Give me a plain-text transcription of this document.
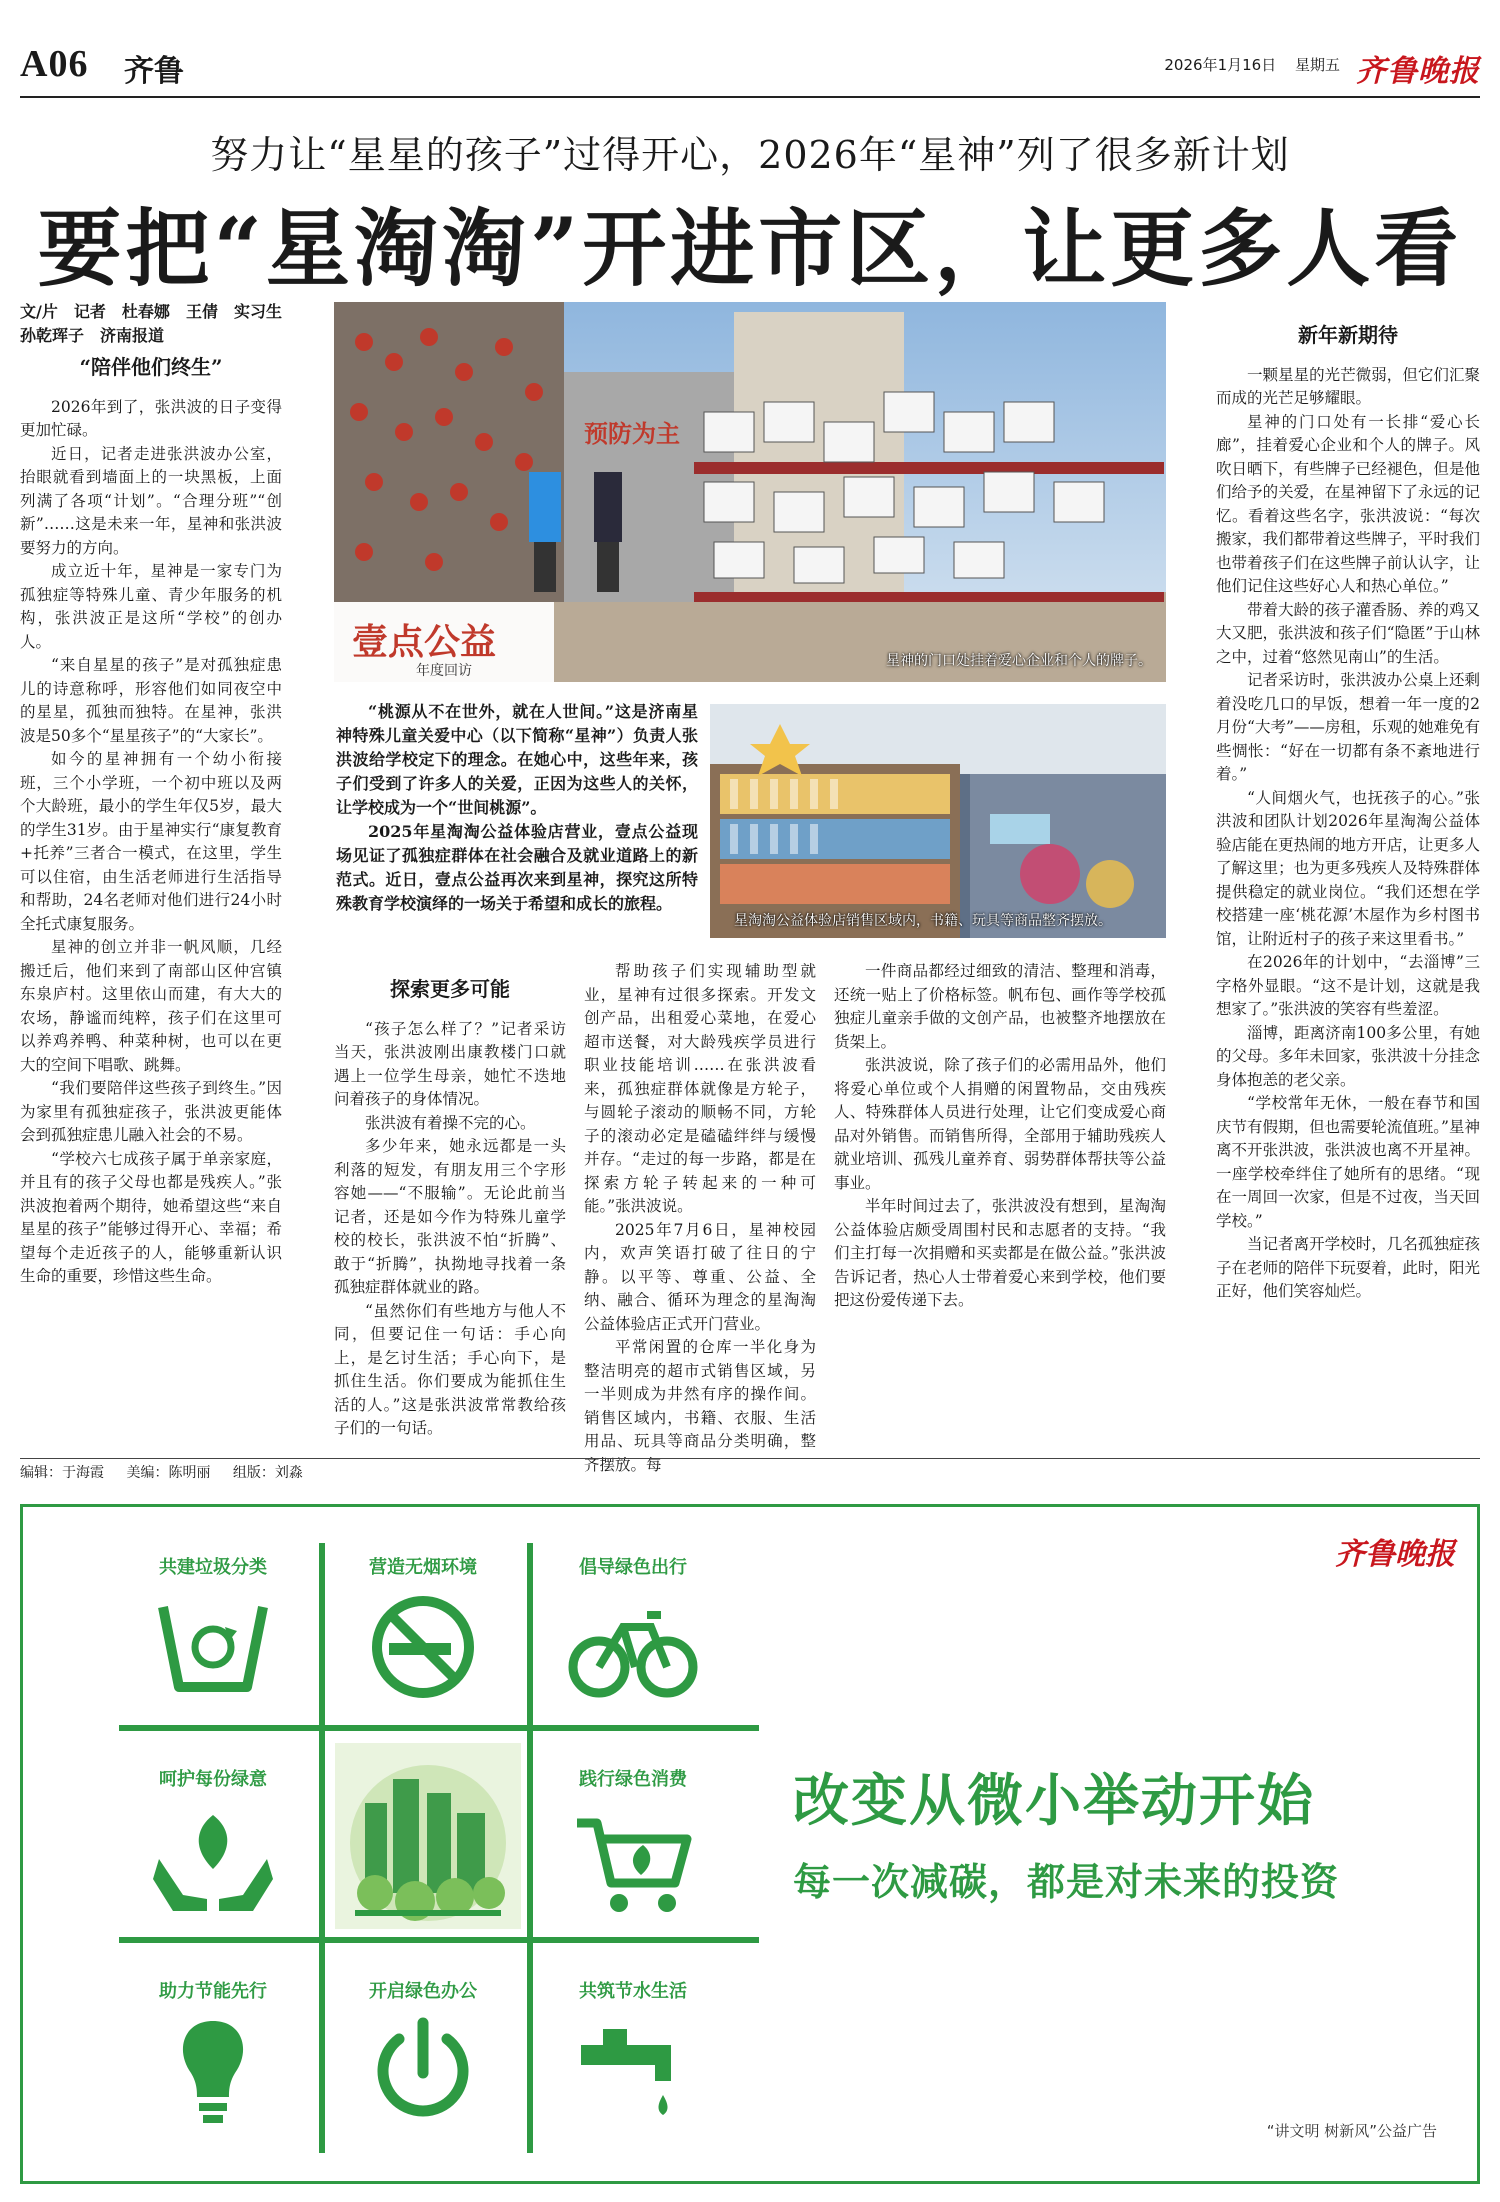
A06 齐鲁	2026年1月16日 星期五 齐鲁晚报
努力让“星星的孩子”过得开心，2026年“星神”列了很多新计划
要把“星淘淘”开进市区，让更多人看

文/片　记者　杜春娜　王倩　实习生　孙乾珲子　济南报道

“陪伴他们终生”

2026年到了，张洪波的日子变得更加忙碌。

近日，记者走进张洪波办公室，抬眼就看到墙面上的一块黑板，上面列满了各项“计划”。“合理分班”“创新”……这是未来一年，星神和张洪波要努力的方向。

成立近十年，星神是一家专门为孤独症等特殊儿童、青少年服务的机构，张洪波正是这所“学校”的创办人。

“来自星星的孩子”是对孤独症患儿的诗意称呼，形容他们如同夜空中的星星，孤独而独特。在星神，张洪波是50多个“星星孩子”的“大家长”。

如今的星神拥有一个幼小衔接班，三个小学班，一个初中班以及两个大龄班，最小的学生年仅5岁，最大的学生31岁。由于星神实行“康复教育+托养”三者合一模式，在这里，学生可以住宿，由生活老师进行生活指导和帮助，24名老师对他们进行24小时全托式康复服务。

星神的创立并非一帆风顺，几经搬迁后，他们来到了南部山区仲宫镇东泉庐村。这里依山而建，有大大的农场，静谧而纯粹，孩子们在这里可以养鸡养鸭、种菜种树，也可以在更大的空间下唱歌、跳舞。

“我们要陪伴这些孩子到终生。”因为家里有孤独症孩子，张洪波更能体会到孤独症患儿融入社会的不易。

“学校六七成孩子属于单亲家庭，并且有的孩子父母也都是残疾人。”张洪波抱着两个期待，她希望这些“来自星星的孩子”能够过得开心、幸福；希望每个走近孩子的人，能够重新认识生命的重要，珍惜这些生命。

预防为主
壹点公益
年度回访
星神的门口处挂着爱心企业和个人的牌子。

“桃源从不在世外，就在人世间。”这是济南星神特殊儿童关爱中心（以下简称“星神”）负责人张洪波给学校定下的理念。在她心中，这些年来，孩子们受到了许多人的关爱，正因为这些人的关怀，让学校成为一个“世间桃源”。

2025年星淘淘公益体验店营业，壹点公益现场见证了孤独症群体在社会融合及就业道路上的新范式。近日，壹点公益再次来到星神，探究这所特殊教育学校演绎的一场关于希望和成长的旅程。

星淘淘公益体验店销售区域内，书籍、玩具等商品整齐摆放。
探索更多可能

“孩子怎么样了？”记者采访当天，张洪波刚出康教楼门口就遇上一位学生母亲，她忙不迭地问着孩子的身体情况。

张洪波有着操不完的心。

多少年来，她永远都是一头利落的短发，有朋友用三个字形容她——“不服输”。无论此前当记者，还是如今作为特殊儿童学校的校长，张洪波不怕“折腾”、敢于“折腾”，执拗地寻找着一条孤独症群体就业的路。

“虽然你们有些地方与他人不同，但要记住一句话：手心向上，是乞讨生活；手心向下，是抓住生活。你们要成为能抓住生活的人。”这是张洪波常常教给孩子们的一句话。

帮助孩子们实现辅助型就业，星神有过很多探索。开发文创产品，出租爱心菜地，在爱心超市送餐，对大龄残疾学员进行职业技能培训……在张洪波看来，孤独症群体就像是方轮子，与圆轮子滚动的顺畅不同，方轮子的滚动必定是磕磕绊绊与缓慢并存。“走过的每一步路，都是在探索方轮子转起来的一种可能。”张洪波说。

2025年7月6日，星神校园内，欢声笑语打破了往日的宁静。以平等、尊重、公益、全纳、融合、循环为理念的星淘淘公益体验店正式开门营业。

平常闲置的仓库一半化身为整洁明亮的超市式销售区域，另一半则成为井然有序的操作间。销售区域内，书籍、衣服、生活用品、玩具等商品分类明确，整齐摆放。每

一件商品都经过细致的清洁、整理和消毒，还统一贴上了价格标签。帆布包、画作等学校孤独症儿童亲手做的文创产品，也被整齐地摆放在货架上。

张洪波说，除了孩子们的必需用品外，他们将爱心单位或个人捐赠的闲置物品，交由残疾人、特殊群体人员进行处理，让它们变成爱心商品对外销售。而销售所得，全部用于辅助残疾人就业培训、孤残儿童养育、弱势群体帮扶等公益事业。

半年时间过去了，张洪波没有想到，星淘淘公益体验店颇受周围村民和志愿者的支持。“我们主打每一次捐赠和买卖都是在做公益。”张洪波告诉记者，热心人士带着爱心来到学校，他们要把这份爱传递下去。

新年新期待

一颗星星的光芒微弱，但它们汇聚而成的光芒足够耀眼。

星神的门口处有一长排“爱心长廊”，挂着爱心企业和个人的牌子。风吹日晒下，有些牌子已经褪色，但是他们给予的关爱，在星神留下了永远的记忆。看着这些名字，张洪波说：“每次搬家，我们都带着这些牌子，平时我们也带着孩子们在这些牌子前认认字，让他们记住这些好心人和热心单位。”

带着大龄的孩子灌香肠、养的鸡又大又肥，张洪波和孩子们“隐匿”于山林之中，过着“悠然见南山”的生活。

记者采访时，张洪波办公桌上还剩着没吃几口的早饭，想着一年一度的2月份“大考”——房租，乐观的她难免有些惆怅：“好在一切都有条不紊地进行着。”

“人间烟火气，也抚孩子的心。”张洪波和团队计划2026年星淘淘公益体验店能在更热闹的地方开店，让更多人了解这里；也为更多残疾人及特殊群体提供稳定的就业岗位。“我们还想在学校搭建一座‘桃花源’木屋作为乡村图书馆，让附近村子的孩子来这里看书。”

在2026年的计划中，“去淄博”三字格外显眼。“这不是计划，这就是我想家了。”张洪波的笑容有些羞涩。

淄博，距离济南100多公里，有她的父母。多年未回家，张洪波十分挂念身体抱恙的老父亲。

“学校常年无休，一般在春节和国庆节有假期，但也需要轮流值班。”星神离不开张洪波，张洪波也离不开星神。一座学校牵绊住了她所有的思绪。“现在一周回一次家，但是不过夜，当天回学校。”

当记者离开学校时，几名孤独症孩子在老师的陪伴下玩耍着，此时，阳光正好，他们笑容灿烂。

编辑：于海霞 美编：陈明丽 组版：刘淼
齐鲁晚报
共建垃圾分类	营造无烟环境	倡导绿色出行
呵护每份绿意	践行绿色消费
助力节能先行	开启绿色办公	共筑节水生活
改变从微小举动开始
每一次减碳，都是对未来的投资
“讲文明 树新风”公益广告
